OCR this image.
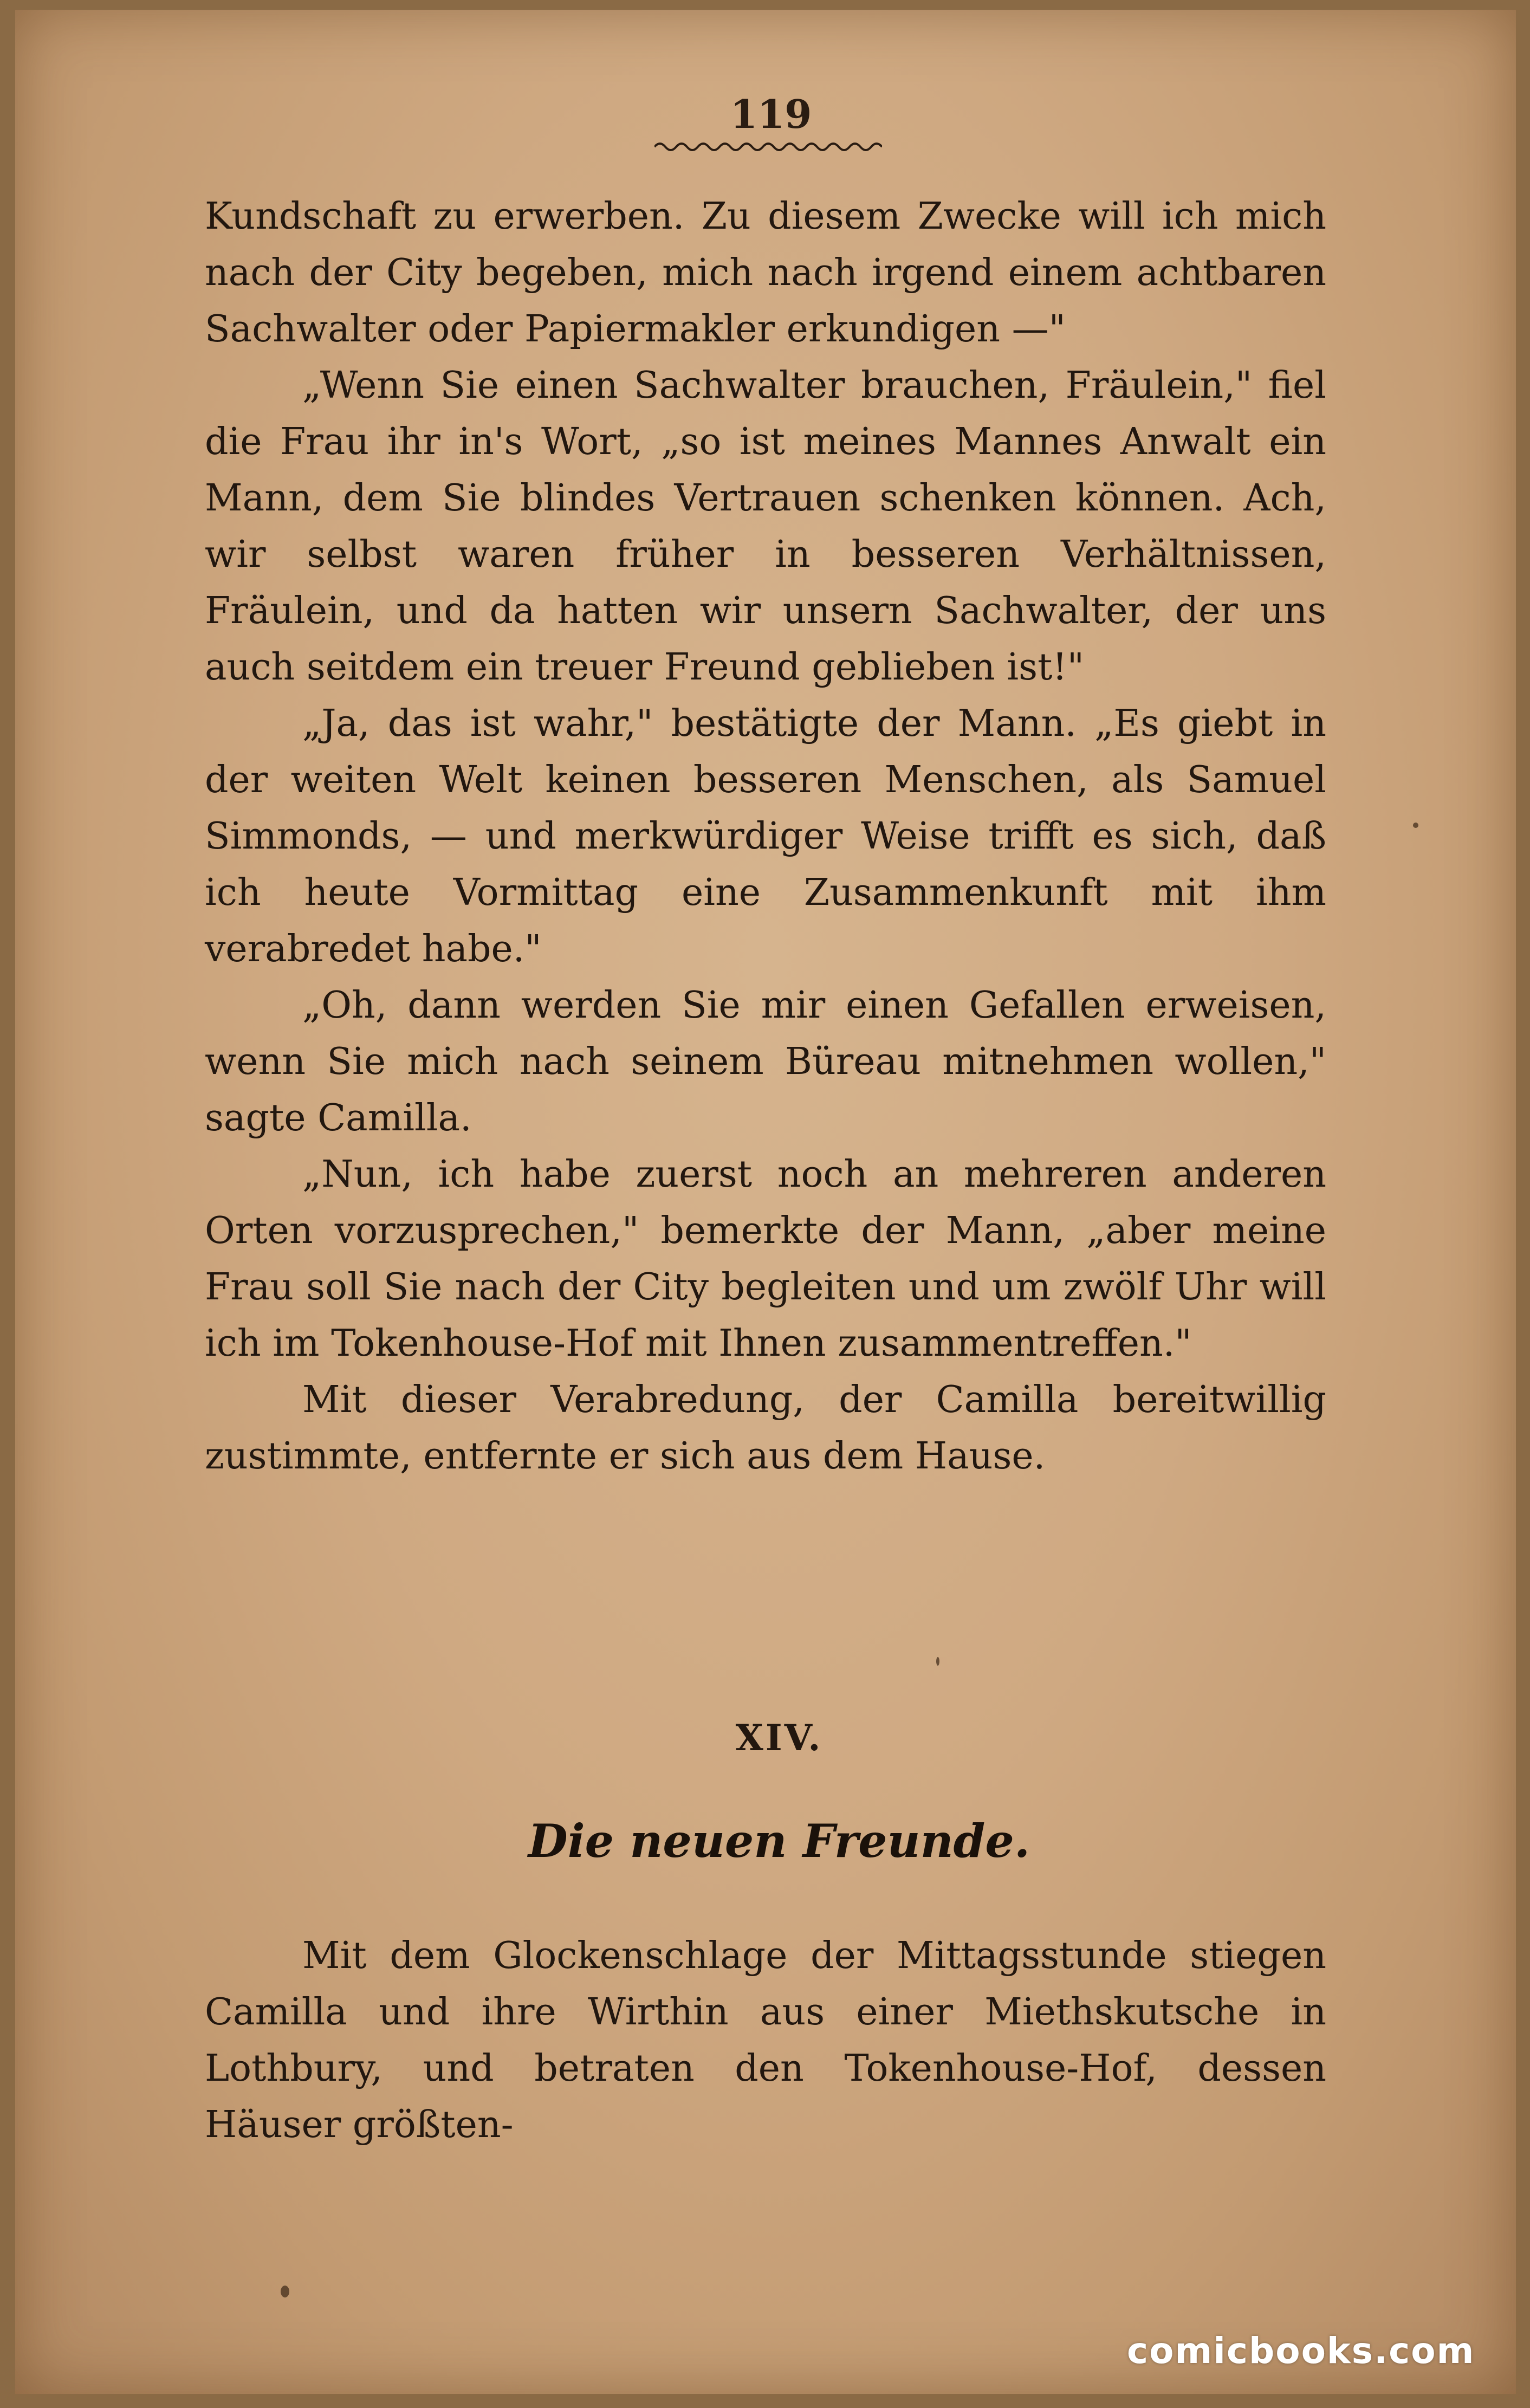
119

Kundschaft zu erwerben. Zu diesem Zwecke will ich mich nach der City begeben, mich nach irgend einem achtbaren Sachwalter oder Papiermakler erkundigen —"

„Wenn Sie einen Sachwalter brauchen, Fräulein," fiel die Frau ihr in's Wort, „so ist meines Mannes Anwalt ein Mann, dem Sie blindes Vertrauen schenken können. Ach, wir selbst waren früher in besseren Verhältnissen, Fräulein, und da hatten wir unsern Sachwalter, der uns auch seitdem ein treuer Freund geblieben ist!"

„Ja, das ist wahr," bestätigte der Mann. „Es giebt in der weiten Welt keinen besseren Menschen, als Samuel Simmonds, — und merkwürdiger Weise trifft es sich, daß ich heute Vormittag eine Zusammenkunft mit ihm verabredet habe."

„Oh, dann werden Sie mir einen Gefallen erweisen, wenn Sie mich nach seinem Büreau mitnehmen wollen," sagte Camilla.

„Nun, ich habe zuerst noch an mehreren anderen Orten vorzusprechen," bemerkte der Mann, „aber meine Frau soll Sie nach der City begleiten und um zwölf Uhr will ich im Tokenhouse-Hof mit Ihnen zusammentreffen."

Mit dieser Verabredung, der Camilla bereitwillig zustimmte, entfernte er sich aus dem Hause.

XIV.
Die neuen Freunde.

Mit dem Glockenschlage der Mittagsstunde stiegen Camilla und ihre Wirthin aus einer Miethskutsche in Lothbury, und betraten den Tokenhouse-Hof, dessen Häuser größten-

comicbooks.com
